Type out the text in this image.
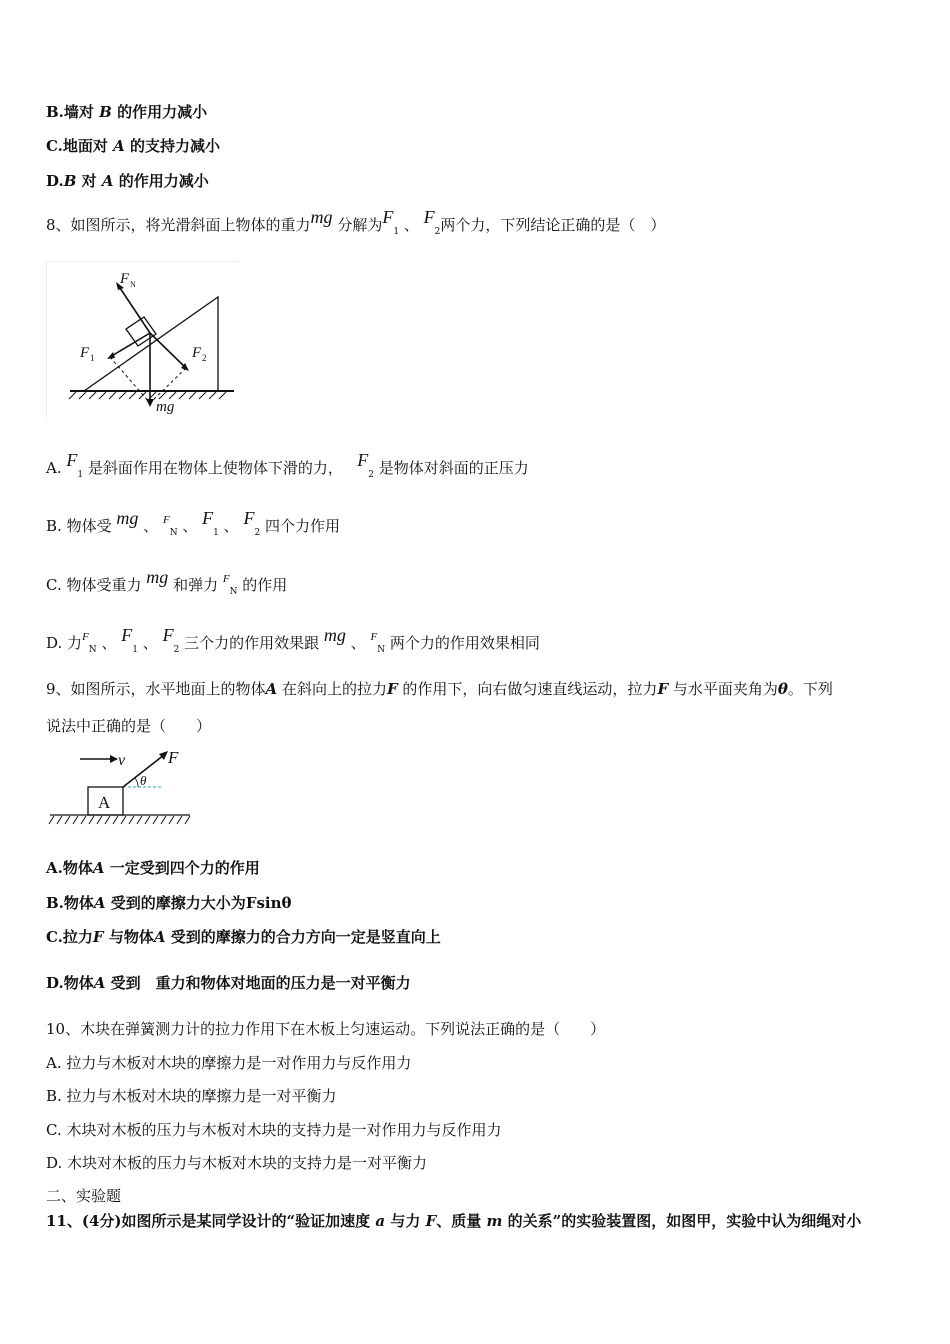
B.墙对 B 的作用力减小
C.地面对 A 的支持力减小
D.B 对 A 的作用力减小
8、如图所示，将光滑斜面上物体的重力mg 分解为$F_1$ 、 $F_2$两个力，下列结论正确的是（　）
F N
F 1	F 2
mg
A. $F_1$ 是斜面作用在物体上使物体下滑的力， $F_2$ 是物体对斜面的正压力
B. 物体受 mg 、 $^F_N$ 、 $F_1$ 、 $F_2$ 四个力作用
C. 物体受重力 mg 和弹力 $^F_N$ 的作用
D. 力$^F_N$ 、 $F_1$ 、 $F_2$ 三个力的作用效果跟 mg 、 $^F_N$ 两个力的作用效果相同
9、如图所示，水平地面上的物体A 在斜向上的拉力F 的作用下，向右做匀速直线运动，拉力F 与水平面夹角为θ。下列
说法中正确的是（　　）
v	F
θ
A
A.物体A 一定受到四个力的作用
B.物体A 受到的摩擦力大小为Fsinθ
C.拉力F 与物体A 受到的摩擦力的合力方向一定是竖直向上
D.物体A 受到　重力和物体对地面的压力是一对平衡力
10、木块在弹簧测力计的拉力作用下在木板上匀速运动。下列说法正确的是（　　）
A. 拉力与木板对木块的摩擦力是一对作用力与反作用力
B. 拉力与木板对木块的摩擦力是一对平衡力
C. 木块对木板的压力与木板对木块的支持力是一对作用力与反作用力
D. 木块对木板的压力与木板对木块的支持力是一对平衡力
二、实验题
11、(4分)如图所示是某同学设计的“验证加速度 a 与力 F、质量 m 的关系”的实验装置图，如图甲，实验中认为细绳对小
